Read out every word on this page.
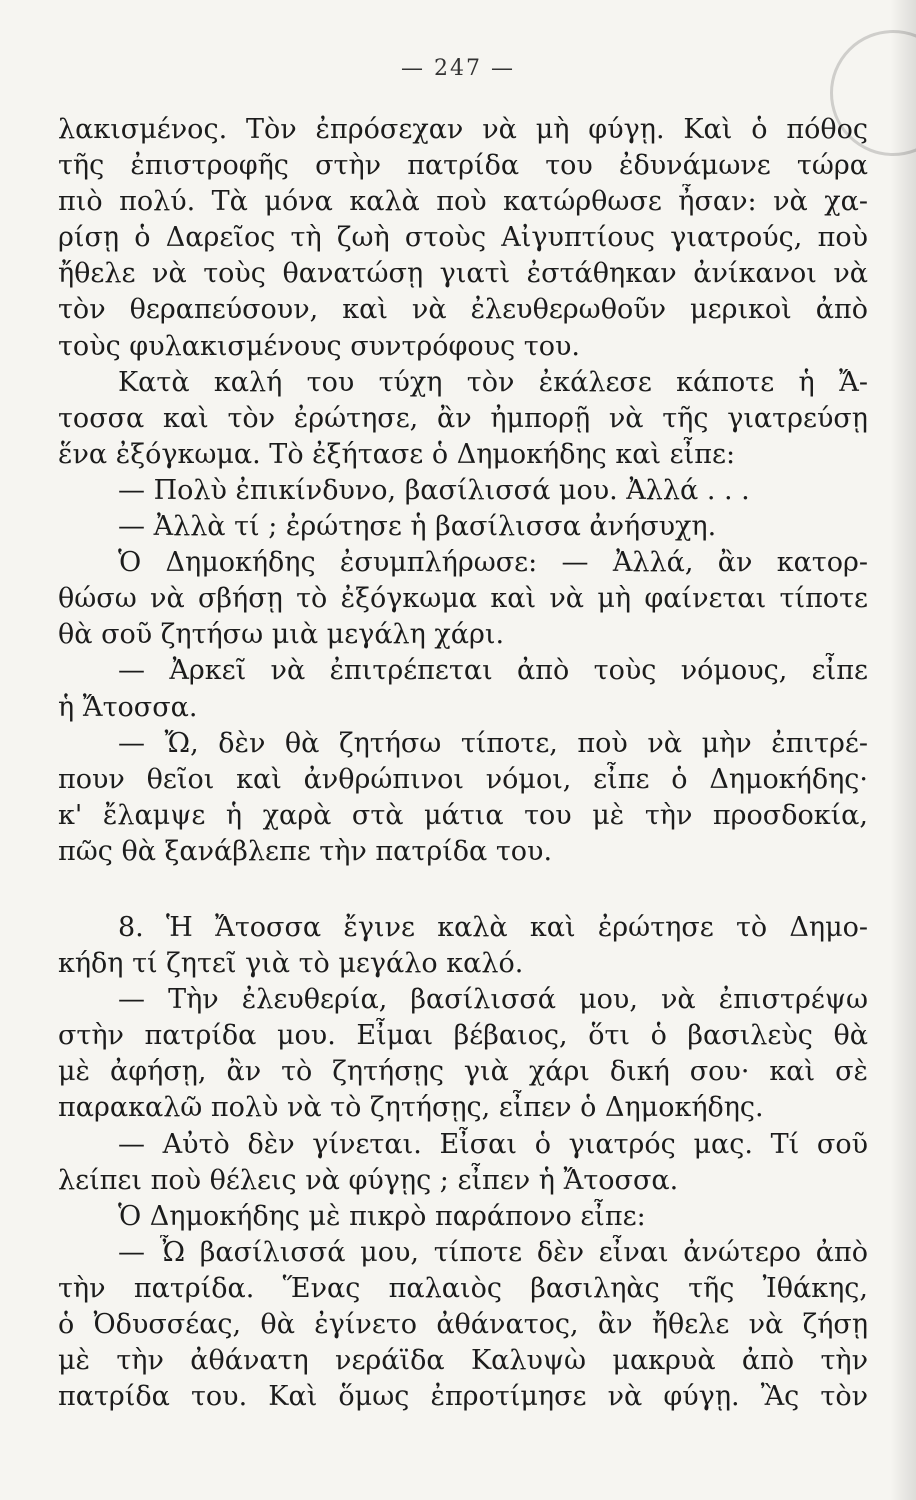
— 247 —
λακισμένος. Τὸν ἐπρόσεχαν νὰ μὴ φύγῃ. Καὶ ὁ πόθος
τῆς ἐπιστροφῆς στὴν πατρίδα του ἐδυνάμωνε τώρα
πιὸ πολύ. Τὰ μόνα καλὰ ποὺ κατώρθωσε ἦσαν: νὰ χα-
ρίσῃ ὁ Δαρεῖος τὴ ζωὴ στοὺς Αἰγυπτίους γιατρούς, ποὺ
ἤθελε νὰ τοὺς θανατώσῃ γιατὶ ἐστάθηκαν ἀνίκανοι νὰ
τὸν θεραπεύσουν, καὶ νὰ ἐλευθερωθοῦν μερικοὶ ἀπὸ
τοὺς φυλακισμένους συντρόφους του.
Κατὰ καλή του τύχη τὸν ἐκάλεσε κάποτε ἡ Ἄ-
τοσσα καὶ τὸν ἐρώτησε, ἂν ἠμπορῇ νὰ τῆς γιατρεύσῃ
ἕνα ἐξόγκωμα. Τὸ ἐξήτασε ὁ Δημοκήδης καὶ εἶπε:
— Πολὺ ἐπικίνδυνο, βασίλισσά μου. Ἀλλά . . .
— Ἀλλὰ τί ; ἐρώτησε ἡ βασίλισσα ἀνήσυχη.
Ὁ Δημοκήδης ἐσυμπλήρωσε: — Ἀλλά, ἂν κατορ-
θώσω νὰ σβήσῃ τὸ ἐξόγκωμα καὶ νὰ μὴ φαίνεται τίποτε
θὰ σοῦ ζητήσω μιὰ μεγάλη χάρι.
— Ἀρκεῖ νὰ ἐπιτρέπεται ἀπὸ τοὺς νόμους, εἶπε
ἡ Ἄτοσσα.
— Ὤ, δὲν θὰ ζητήσω τίποτε, ποὺ νὰ μὴν ἐπιτρέ-
πουν θεῖοι καὶ ἀνθρώπινοι νόμοι, εἶπε ὁ Δημοκήδης·
κ' ἔλαμψε ἡ χαρὰ στὰ μάτια του μὲ τὴν προσδοκία,
πῶς θὰ ξανάβλεπε τὴν πατρίδα του.
8. Ἡ Ἄτοσσα ἔγινε καλὰ καὶ ἐρώτησε τὸ Δημο-
κήδη τί ζητεῖ γιὰ τὸ μεγάλο καλό.
— Τὴν ἐλευθερία, βασίλισσά μου, νὰ ἐπιστρέψω
στὴν πατρίδα μου. Εἶμαι βέβαιος, ὅτι ὁ βασιλεὺς θὰ
μὲ ἀφήσῃ, ἂν τὸ ζητήσῃς γιὰ χάρι δική σου· καὶ σὲ
παρακαλῶ πολὺ νὰ τὸ ζητήσῃς, εἶπεν ὁ Δημοκήδης.
— Αὐτὸ δὲν γίνεται. Εἶσαι ὁ γιατρός μας. Τί σοῦ
λείπει ποὺ θέλεις νὰ φύγῃς ; εἶπεν ἡ Ἄτοσσα.
Ὁ Δημοκήδης μὲ πικρὸ παράπονο εἶπε:
— Ὦ βασίλισσά μου, τίποτε δὲν εἶναι ἀνώτερο ἀπὸ
τὴν πατρίδα. Ἕνας παλαιὸς βασιληὰς τῆς Ἰθάκης,
ὁ Ὀδυσσέας, θὰ ἐγίνετο ἀθάνατος, ἂν ἤθελε νὰ ζήσῃ
μὲ τὴν ἀθάνατη νεράϊδα Καλυψὼ μακρυὰ ἀπὸ τὴν
πατρίδα του. Καὶ ὅμως ἐπροτίμησε νὰ φύγῃ. Ἂς τὸν
